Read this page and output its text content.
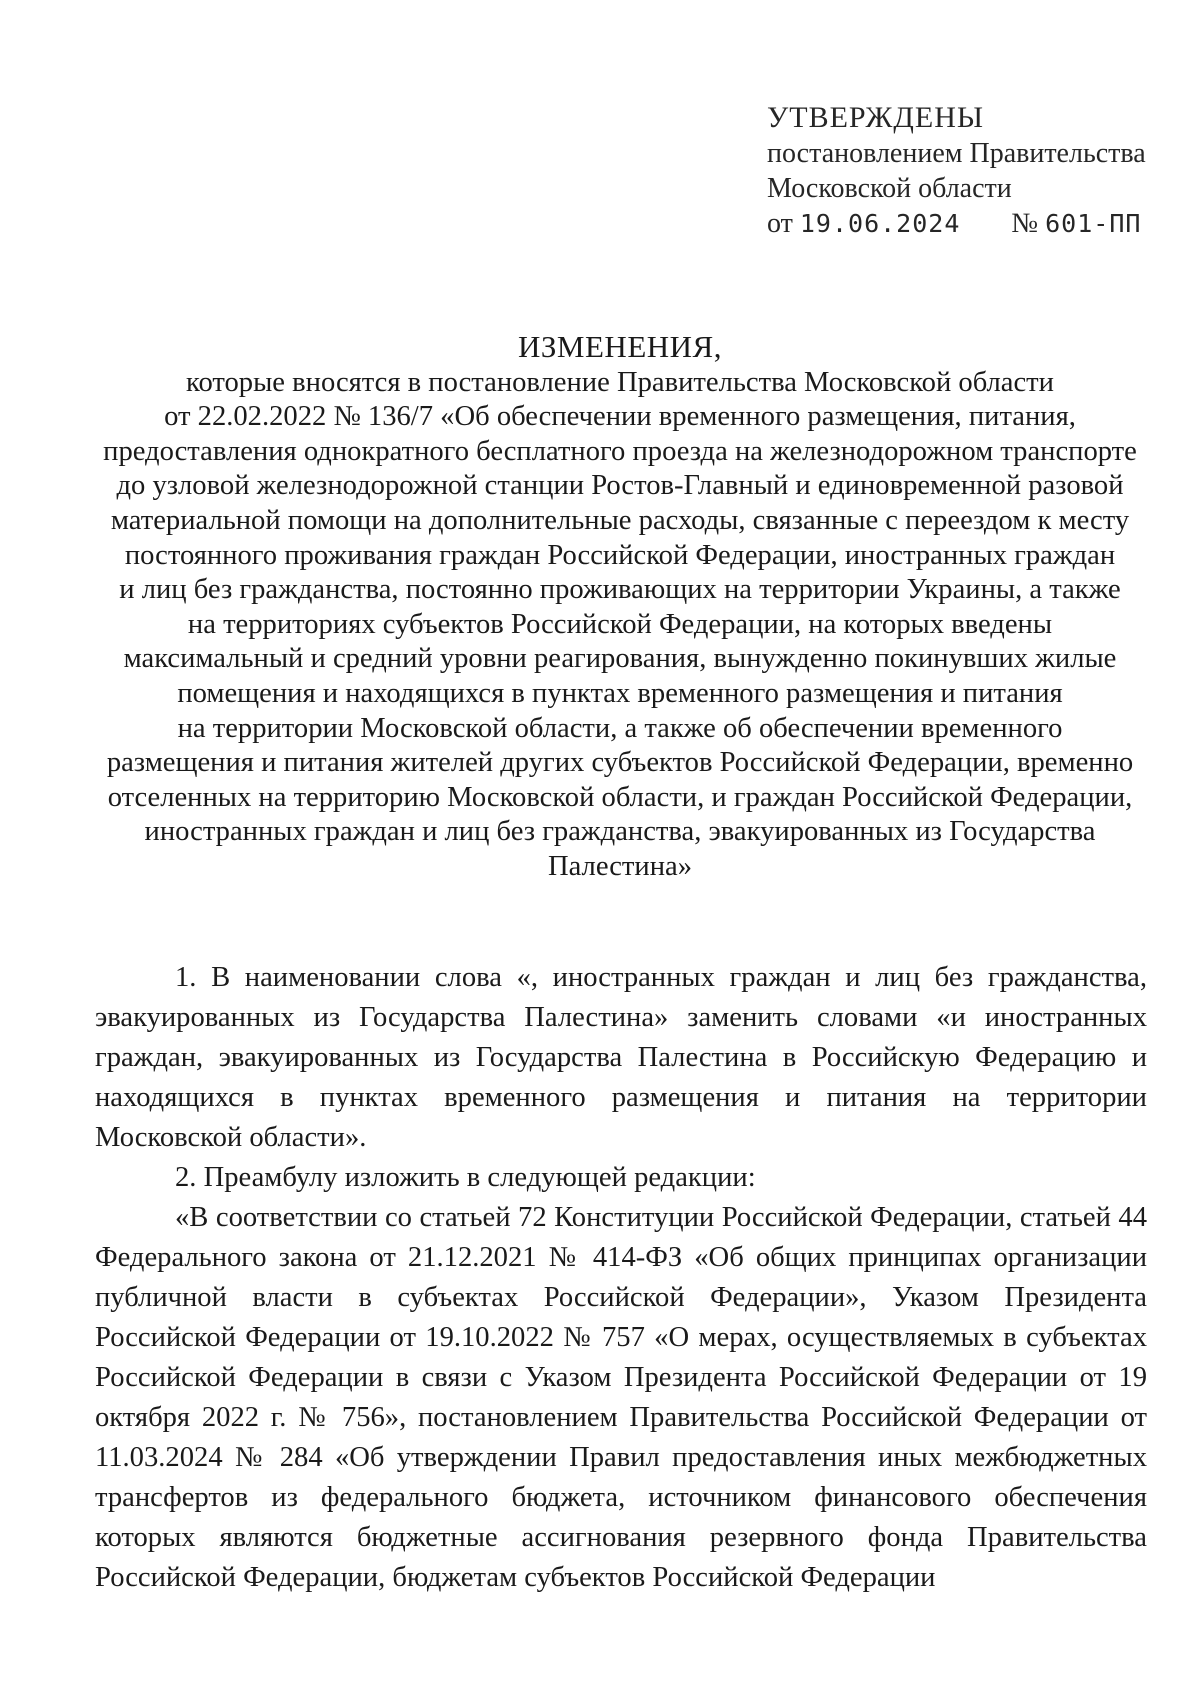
УТВЕРЖДЕНЫ
постановлением Правительства
Московской области
от 19.06.2024 № 601-ПП
ИЗМЕНЕНИЯ,
которые вносятся в постановление Правительства Московской области
от 22.02.2022 № 136/7 «Об обеспечении временного размещения, питания,
предоставления однократного бесплатного проезда на железнодорожном транспорте
до узловой железнодорожной станции Ростов-Главный и единовременной разовой
материальной помощи на дополнительные расходы, связанные с переездом к месту
постоянного проживания граждан Российской Федерации, иностранных граждан
и лиц без гражданства, постоянно проживающих на территории Украины, а также
на территориях субъектов Российской Федерации, на которых введены
максимальный и средний уровни реагирования, вынужденно покинувших жилые
помещения и находящихся в пунктах временного размещения и питания
на территории Московской области, а также об обеспечении временного
размещения и питания жителей других субъектов Российской Федерации, временно
отселенных на территорию Московской области, и граждан Российской Федерации,
иностранных граждан и лиц без гражданства, эвакуированных из Государства
Палестина»

1. В наименовании слова «, иностранных граждан и лиц без гражданства, эвакуированных из Государства Палестина» заменить словами «и иностранных граждан, эвакуированных из Государства Палестина в Российскую Федерацию и находящихся в пунктах временного размещения и питания на территории Московской области».

2. Преамбулу изложить в следующей редакции:

«В соответствии со статьей 72 Конституции Российской Федерации, статьей 44 Федерального закона от 21.12.2021 № 414-ФЗ «Об общих принципах организации публичной власти в субъектах Российской Федерации», Указом Президента Российской Федерации от 19.10.2022 № 757 «О мерах, осуществляемых в субъектах Российской Федерации в связи с Указом Президента Российской Федерации от 19 октября 2022 г. № 756», постановлением Правительства Российской Федерации от 11.03.2024 № 284 «Об утверждении Правил предоставления иных межбюджетных трансфертов из федерального бюджета, источником финансового обеспечения которых являются бюджетные ассигнования резервного фонда Правительства Российской Федерации, бюджетам субъектов Российской Федерации
